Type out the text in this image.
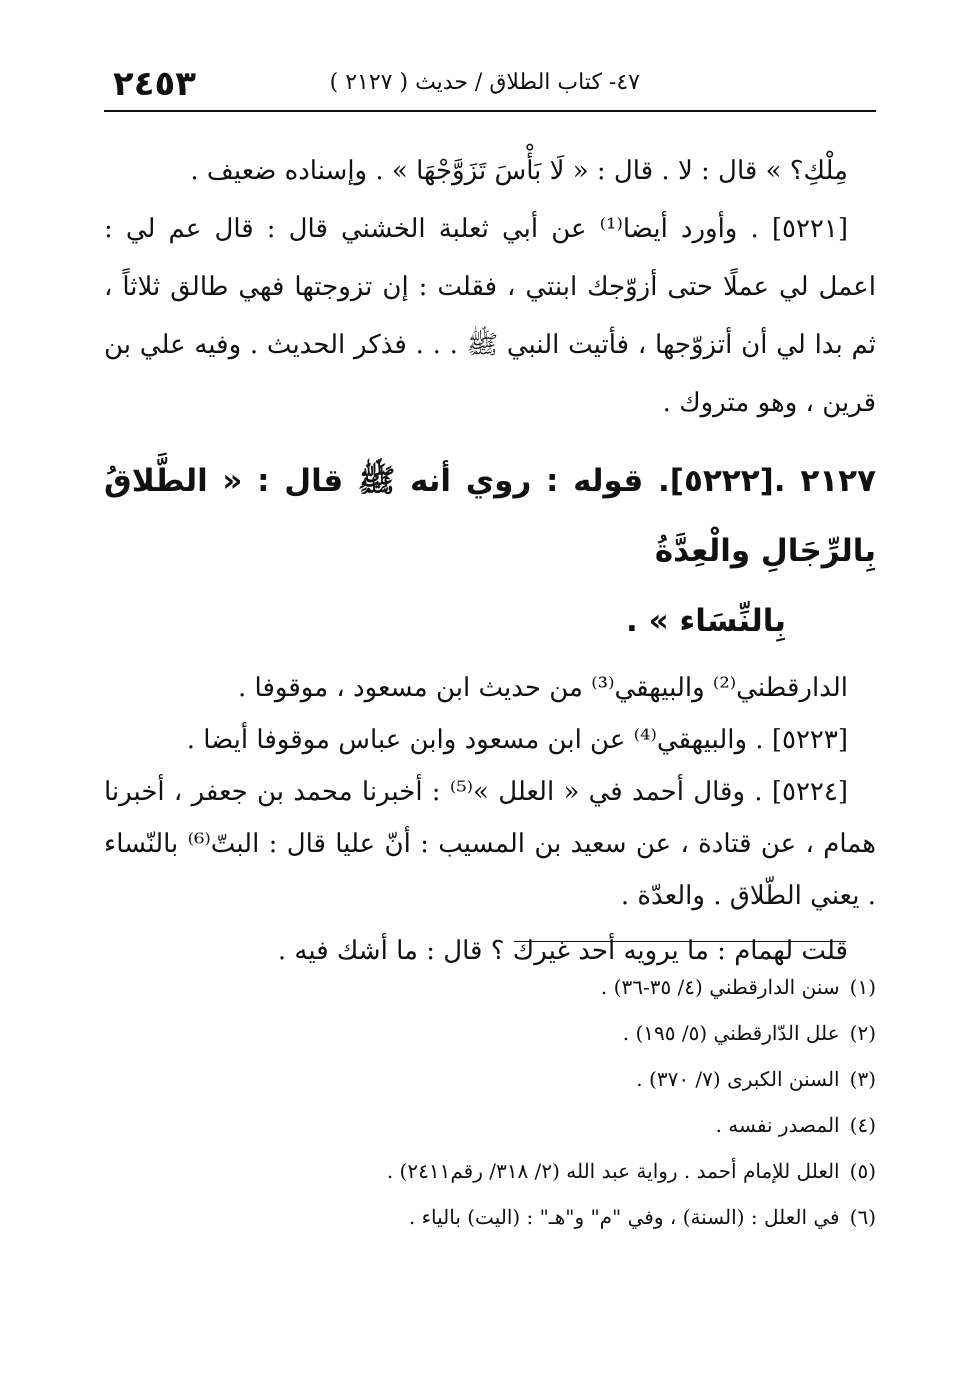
٢٤٥٣	٤٧- كتاب الطلاق / حديث ( ٢١٢٧ )

مِلْكِ؟ » قال : لا . قال : « لَا بَأْسَ تَزَوَّجْهَا » . وإسناده ضعيف .

[٥٢٢١] . وأورد أيضا⁽¹⁾ عن أبي ثعلبة الخشني قال : قال عم لي : اعمل لي عملًا حتى أزوّجك ابنتي ، فقلت : إن تزوجتها فهي طالق ثلاثاً ، ثم بدا لي أن أتزوّجها ، فأتيت النبي ﷺ . . . فذكر الحديث . وفيه علي بن قرين ، وهو متروك .

٢١٢٧ .[٥٢٢٢]. قوله : روي أنه ﷺ قال : « الطَّلاقُ بِالرِّجَالِ والْعِدَّةُ
بِالنِّسَاء » .

الدارقطني⁽²⁾ والبيهقي⁽³⁾ من حديث ابن مسعود ، موقوفا .

[٥٢٢٣] . والبيهقي⁽⁴⁾ عن ابن مسعود وابن عباس موقوفا أيضا .

[٥٢٢٤] . وقال أحمد في « العلل »⁽⁵⁾ : أخبرنا محمد بن جعفر ، أخبرنا همام ، عن قتادة ، عن سعيد بن المسيب : أنّ عليا قال : البتّ⁽⁶⁾ بالنّساء . يعني الطّلاق . والعدّة .

قلت لهمام : ما يرويه أحد غيرك ؟ قال : ما أشك فيه .

(١)سنن الدارقطني (٤/ ٣٥-٣٦) .
(٢)علل الدّارقطني (٥/ ١٩٥) .
(٣)السنن الكبرى (٧/ ٣٧٠) .
(٤)المصدر نفسه .
(٥)العلل للإمام أحمد . رواية عبد الله (٢/ ٣١٨/ رقم٢٤١١) .
(٦)في العلل : (السنة) ، وفي "م" و"هـ" : (اليت) بالياء .
